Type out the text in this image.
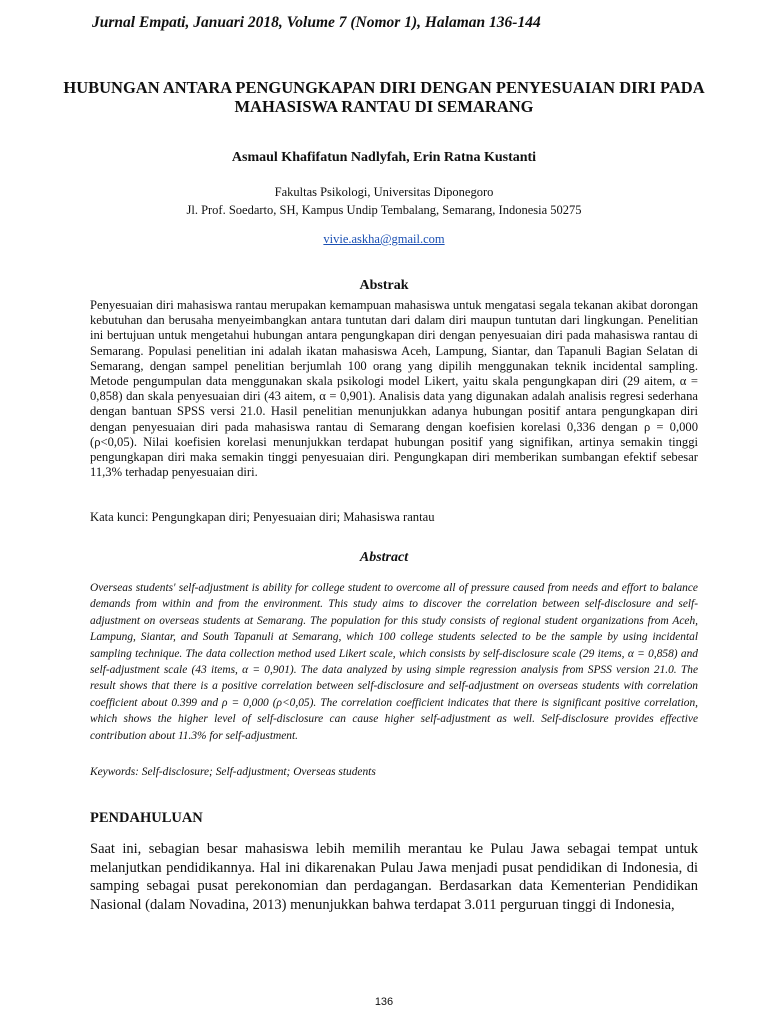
Jurnal Empati, Januari 2018, Volume 7 (Nomor 1), Halaman 136-144
HUBUNGAN ANTARA PENGUNGKAPAN DIRI DENGAN PENYESUAIAN DIRI PADA MAHASISWA RANTAU DI SEMARANG
Asmaul Khafifatun Nadlyfah, Erin Ratna Kustanti
Fakultas Psikologi, Universitas Diponegoro
Jl. Prof. Soedarto, SH, Kampus Undip Tembalang, Semarang, Indonesia 50275
vivie.askha@gmail.com
Abstrak
Penyesuaian diri mahasiswa rantau merupakan kemampuan mahasiswa untuk mengatasi segala tekanan akibat dorongan kebutuhan dan berusaha menyeimbangkan antara tuntutan dari dalam diri maupun tuntutan dari lingkungan. Penelitian ini bertujuan untuk mengetahui hubungan antara pengungkapan diri dengan penyesuaian diri pada mahasiswa rantau di Semarang. Populasi penelitian ini adalah ikatan mahasiswa Aceh, Lampung, Siantar, dan Tapanuli Bagian Selatan di Semarang, dengan sampel penelitian berjumlah 100 orang yang dipilih menggunakan teknik incidental sampling. Metode pengumpulan data menggunakan skala psikologi model Likert, yaitu skala pengungkapan diri (29 aitem, α = 0,858) dan skala penyesuaian diri (43 aitem, α = 0,901). Analisis data yang digunakan adalah analisis regresi sederhana dengan bantuan SPSS versi 21.0. Hasil penelitian menunjukkan adanya hubungan positif antara pengungkapan diri dengan penyesuaian diri pada mahasiswa rantau di Semarang dengan koefisien korelasi 0,336 dengan ρ = 0,000 (ρ<0,05). Nilai koefisien korelasi menunjukkan terdapat hubungan positif yang signifikan, artinya semakin tinggi pengungkapan diri maka semakin tinggi penyesuaian diri. Pengungkapan diri memberikan sumbangan efektif sebesar 11,3% terhadap penyesuaian diri.
Kata kunci: Pengungkapan diri; Penyesuaian diri; Mahasiswa rantau
Abstract
Overseas students' self-adjustment is ability for college student to overcome all of pressure caused from needs and effort to balance demands from within and from the environment. This study aims to discover the correlation between self-disclosure and self-adjustment on overseas students at Semarang. The population for this study consists of regional student organizations from Aceh, Lampung, Siantar, and South Tapanuli at Semarang, which 100 college students selected to be the sample by using incidental sampling technique. The data collection method used Likert scale, which consists by self-disclosure scale (29 items, α = 0,858) and self-adjustment scale (43 items, α = 0,901). The data analyzed by using simple regression analysis from SPSS version 21.0. The result shows that there is a positive correlation between self-disclosure and self-adjustment on overseas students with correlation coefficient about 0.399 and ρ = 0,000 (ρ<0,05). The correlation coefficient indicates that there is significant positive correlation, which shows the higher level of self-disclosure can cause higher self-adjustment as well. Self-disclosure provides effective contribution about 11.3% for self-adjustment.
Keywords: Self-disclosure; Self-adjustment; Overseas students
PENDAHULUAN
Saat ini, sebagian besar mahasiswa lebih memilih merantau ke Pulau Jawa sebagai tempat untuk melanjutkan pendidikannya. Hal ini dikarenakan Pulau Jawa menjadi pusat pendidikan di Indonesia, di samping sebagai pusat perekonomian dan perdagangan. Berdasarkan data Kementerian Pendidikan Nasional (dalam Novadina, 2013) menunjukkan bahwa terdapat 3.011 perguruan tinggi di Indonesia,
136
